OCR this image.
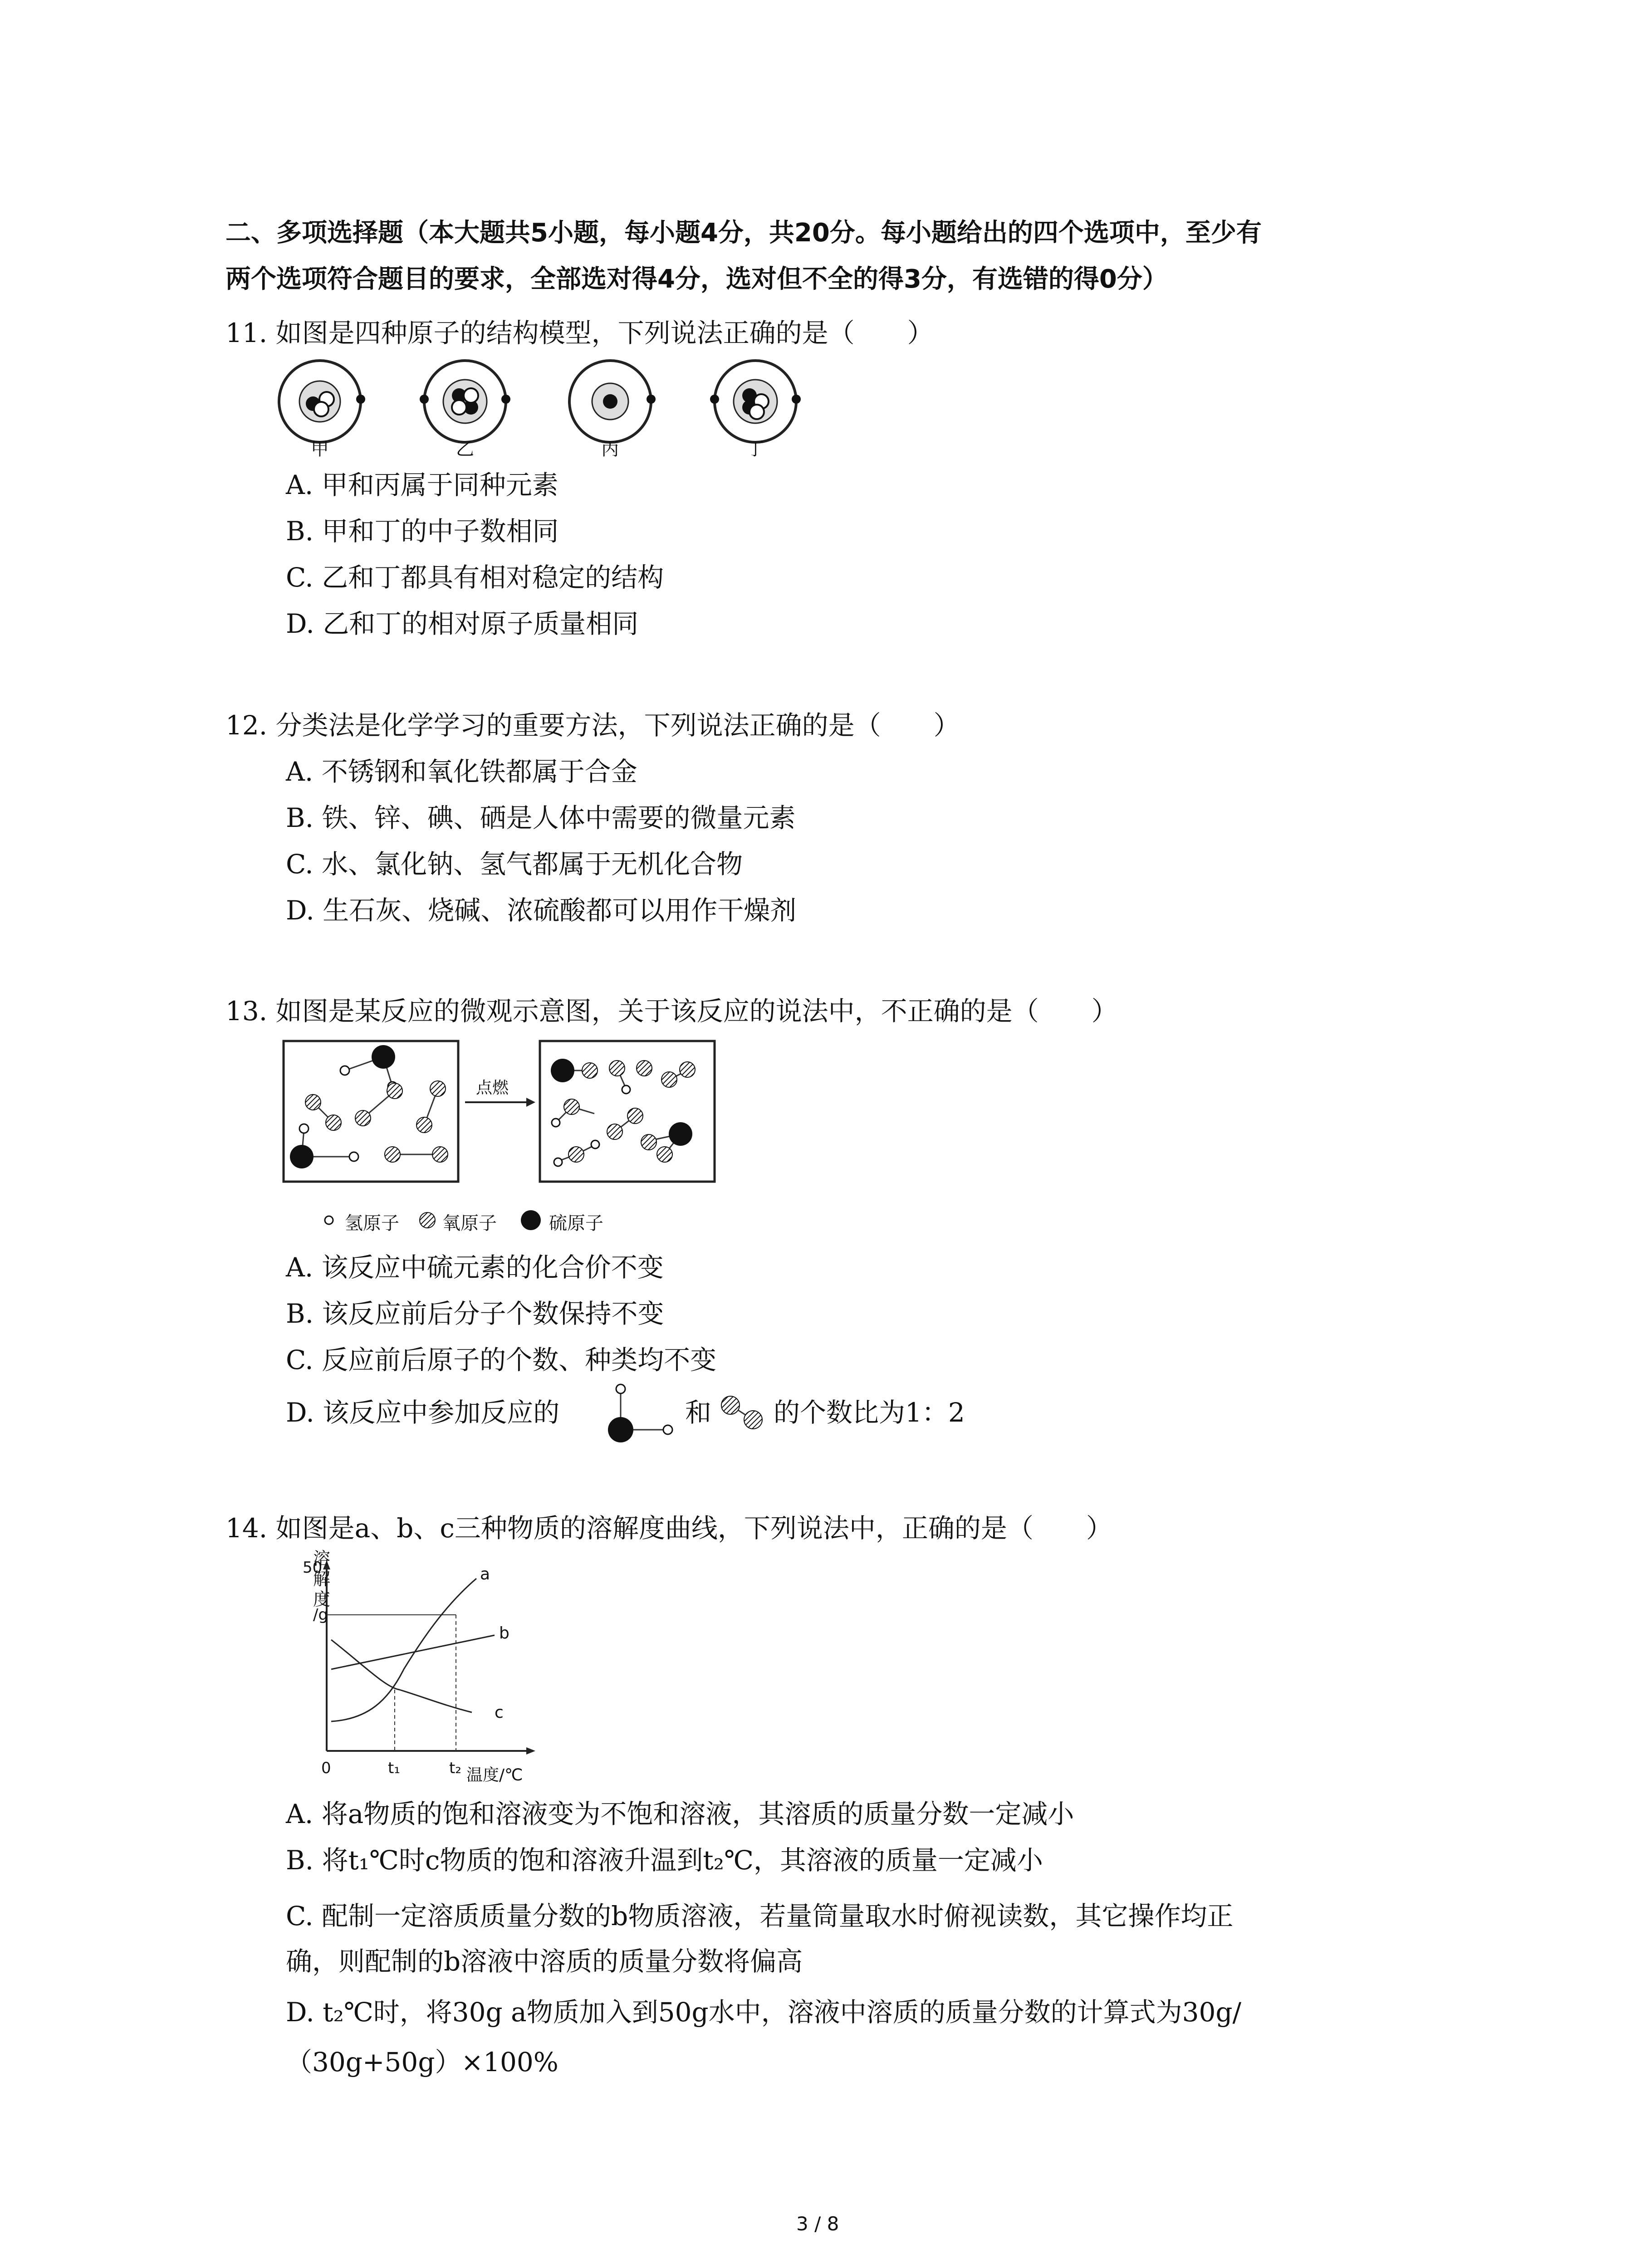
二、多项选择题（本大题共5小题，每小题4分，共20分。每小题给出的四个选项中，至少有
两个选项符合题目的要求，全部选对得4分，选对但不全的得3分，有选错的得0分）
11. 如图是四种原子的结构模型，下列说法正确的是（　　）
甲	乙	丙	丁
A. 甲和丙属于同种元素
B. 甲和丁的中子数相同
C. 乙和丁都具有相对稳定的结构
D. 乙和丁的相对原子质量相同
12. 分类法是化学学习的重要方法，下列说法正确的是（　　）
A. 不锈钢和氧化铁都属于合金
B. 铁、锌、碘、硒是人体中需要的微量元素
C. 水、氯化钠、氢气都属于无机化合物
D. 生石灰、烧碱、浓硫酸都可以用作干燥剂
13. 如图是某反应的微观示意图，关于该反应的说法中，不正确的是（　　）
点燃
氢原子 氧原子	硫原子
A. 该反应中硫元素的化合价不变
B. 该反应前后分子个数保持不变
C. 反应前后原子的个数、种类均不变
D. 该反应中参加反应的	和 的个数比为1：2
14. 如图是a、b、c三种物质的溶解度曲线，下列说法中，正确的是（　　）
溶
解
度
/g
50	a
b
c
0	t₁	t₂ 温度/℃
A. 将a物质的饱和溶液变为不饱和溶液，其溶质的质量分数一定减小
B. 将t₁℃时c物质的饱和溶液升温到t₂℃，其溶液的质量一定减小
C. 配制一定溶质质量分数的b物质溶液，若量筒量取水时俯视读数，其它操作均正
确，则配制的b溶液中溶质的质量分数将偏高
D. t₂℃时，将30g a物质加入到50g水中，溶液中溶质的质量分数的计算式为30g/
（30g+50g）×100%
3 / 8
